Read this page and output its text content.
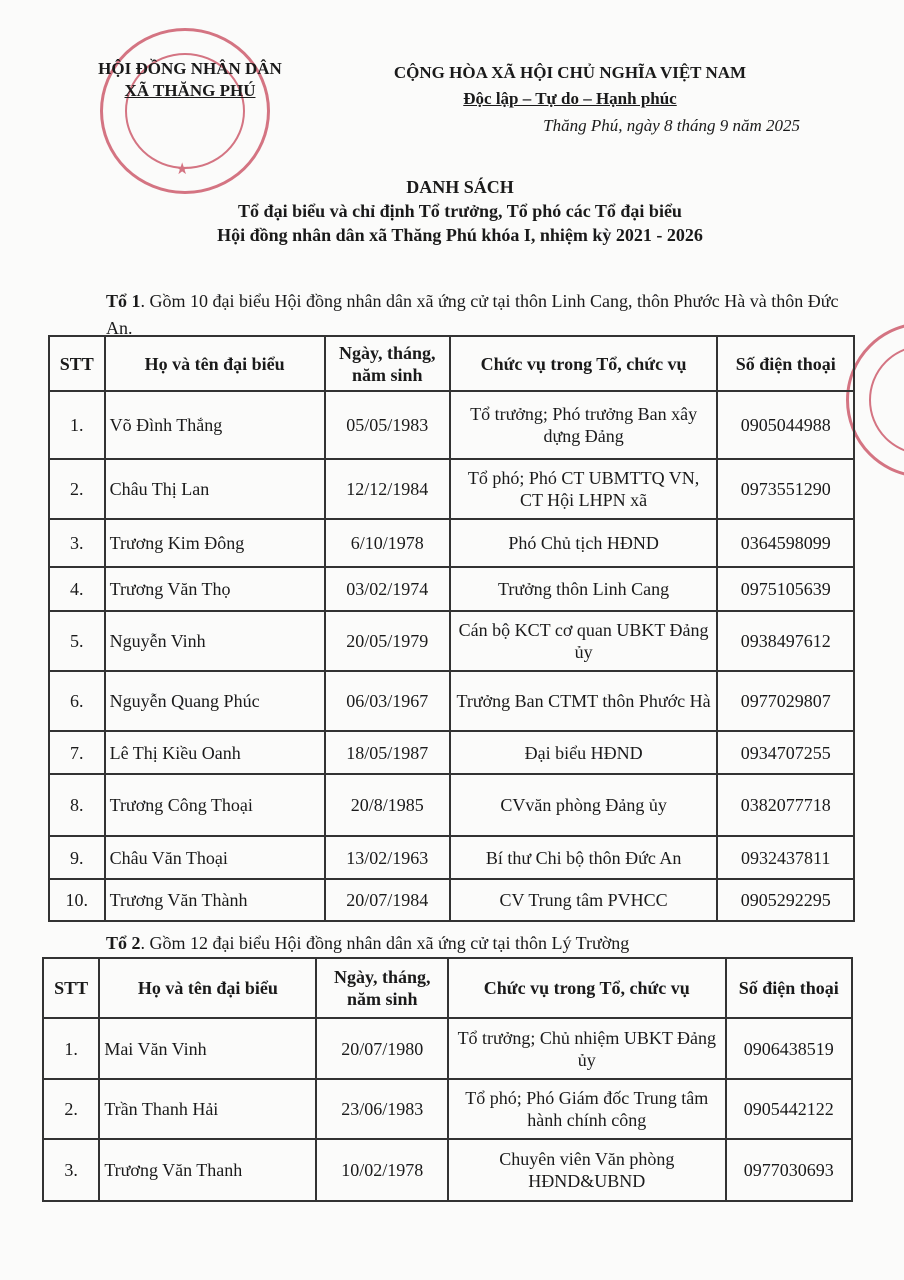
★
HỘI ĐỒNG NHÂN DÂN
XÃ THĂNG PHÚ
CỘNG HÒA XÃ HỘI CHỦ NGHĨA VIỆT NAM
Độc lập – Tự do – Hạnh phúc
Thăng Phú, ngày 8 tháng 9 năm 2025
DANH SÁCH
Tổ đại biểu và chỉ định Tổ trưởng, Tổ phó các Tổ đại biểu
Hội đồng nhân dân xã Thăng Phú khóa I, nhiệm kỳ 2021 - 2026
Tổ 1. Gồm 10 đại biểu Hội đồng nhân dân xã ứng cử tại thôn Linh Cang, thôn Phước Hà và thôn Đức An.
STT	Họ và tên đại biểu	Ngày, tháng, năm sinh	Chức vụ trong Tổ, chức vụ	Số điện thoại
1.	Võ Đình Thắng	05/05/1983	Tổ trưởng; Phó trưởng Ban xây dựng Đảng	0905044988
2.	Châu Thị Lan	12/12/1984	Tổ phó; Phó CT UBMTTQ VN, CT Hội LHPN xã	0973551290
3.	Trương Kim Đông	6/10/1978	Phó Chủ tịch HĐND	0364598099
4.	Trương Văn Thọ	03/02/1974	Trưởng thôn Linh Cang	0975105639
5.	Nguyễn Vinh	20/05/1979	Cán bộ KCT cơ quan UBKT Đảng ủy	0938497612
6.	Nguyễn Quang Phúc	06/03/1967	Trưởng Ban CTMT thôn Phước Hà	0977029807
7.	Lê Thị Kiều Oanh	18/05/1987	Đại biểu HĐND	0934707255
8.	Trương Công Thoại	20/8/1985	CVvăn phòng Đảng ủy	0382077718
9.	Châu Văn Thoại	13/02/1963	Bí thư Chi bộ thôn Đức An	0932437811
10.	Trương Văn Thành	20/07/1984	CV Trung tâm PVHCC	0905292295
Tổ 2. Gồm 12 đại biểu Hội đồng nhân dân xã ứng cử tại thôn Lý Trường
STT	Họ và tên đại biểu	Ngày, tháng, năm sinh	Chức vụ trong Tổ, chức vụ	Số điện thoại
1.	Mai Văn Vinh	20/07/1980	Tổ trưởng; Chủ nhiệm UBKT Đảng ủy	0906438519
2.	Trần Thanh Hải	23/06/1983	Tổ phó; Phó Giám đốc Trung tâm hành chính công	0905442122
3.	Trương Văn Thanh	10/02/1978	Chuyên viên Văn phòng HĐND&UBND	0977030693
